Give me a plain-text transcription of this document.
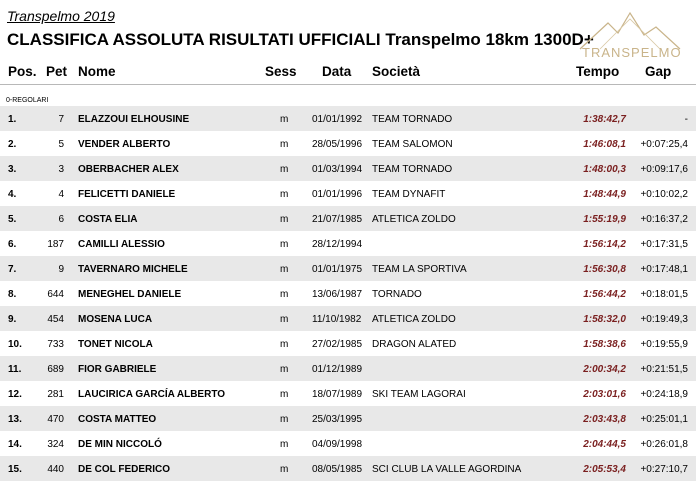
Transpelmo 2019
CLASSIFICA ASSOLUTA RISULTATI UFFICIALI Transpelmo 18km 1300D+
TRANSPELMO
Pos. Pet Nome	Sess Data Società	Tempo Gap
0-REGOLARI
1.	7 ELAZZOUI ELHOUSINE	m 01/01/1992 TEAM TORNADO	1:38:42,7	-
2.	5 VENDER ALBERTO	m 28/05/1996 TEAM SALOMON	1:46:08,1	+0:07:25,4
3.	3 OBERBACHER ALEX	m 01/03/1994 TEAM TORNADO	1:48:00,3	+0:09:17,6
4.	4 FELICETTI DANIELE	m 01/01/1996 TEAM DYNAFIT	1:48:44,9	+0:10:02,2
5.	6 COSTA ELIA	m 21/07/1985 ATLETICA ZOLDO	1:55:19,9	+0:16:37,2
6.	187 CAMILLI ALESSIO	m 28/12/1994	1:56:14,2	+0:17:31,5
7.	9 TAVERNARO MICHELE	m 01/01/1975 TEAM LA SPORTIVA	1:56:30,8	+0:17:48,1
8.	644 MENEGHEL DANIELE	m 13/06/1987 TORNADO	1:56:44,2	+0:18:01,5
9.	454 MOSENA LUCA	m 11/10/1982 ATLETICA ZOLDO	1:58:32,0	+0:19:49,3
10.	733 TONET NICOLA	m 27/02/1985 DRAGON ALATED	1:58:38,6	+0:19:55,9
11.	689 FIOR GABRIELE	m 01/12/1989	2:00:34,2	+0:21:51,5
12.	281 LAUCIRICA GARCÍA ALBERTO	m 18/07/1989 SKI TEAM LAGORAI	2:03:01,6	+0:24:18,9
13.	470 COSTA MATTEO	m 25/03/1995	2:03:43,8	+0:25:01,1
14.	324 DE MIN NICCOLÓ	m 04/09/1998	2:04:44,5	+0:26:01,8
15.	440 DE COL FEDERICO	m 08/05/1985 SCI CLUB LA VALLE AGORDINA	2:05:53,4	+0:27:10,7
